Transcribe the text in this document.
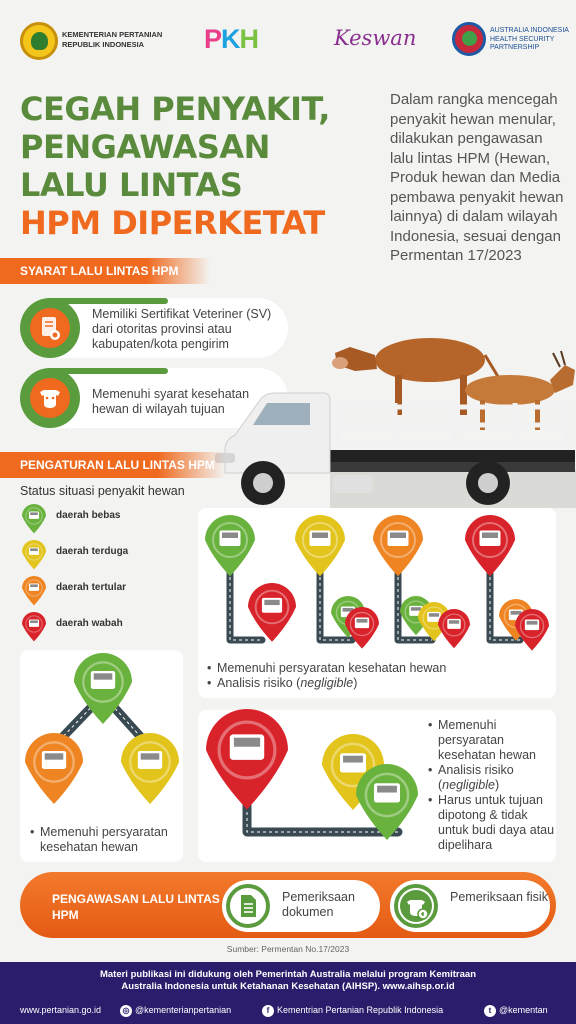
KEMENTERIAN PERTANIAN
REPUBLIK INDONESIA	PKH	Keswan	AUSTRALIA INDONESIA
HEALTH SECURITY
PARTNERSHIP
CEGAH PENYAKIT,
PENGAWASAN
LALU LINTAS
HPM DIPERKETAT
Dalam rangka mencegah penyakit hewan menular, dilakukan pengawasan lalu lintas HPM (Hewan, Produk hewan dan Media pembawa penyakit hewan lainnya) di dalam wilayah Indonesia, sesuai dengan Permentan 17/2023
SYARAT LALU LINTAS HPM
Memiliki Sertifikat Veteriner (SV) dari otoritas provinsi atau kabupaten/kota pengirim
Memenuhi syarat kesehatan hewan di wilayah tujuan
PENGATURAN LALU LINTAS HPM
Status situasi penyakit hewan
daerah bebas
daerah terduga
daerah tertular
daerah wabah
• Memenuhi persyaratan kesehatan hewan
• Analisis risiko (negligible)
• Memenuhi persyaratan kesehatan hewan
• Memenuhi persyaratan kesehatan hewan
• Analisis risiko (negligible)
• Harus untuk tujuan dipotong & tidak untuk budi daya atau dipelihara
PENGAWASAN LALU LINTAS HPM
Pemeriksaan dokumen
Pemeriksaan fisik
Sumber: Permentan No.17/2023
Materi publikasi ini didukung oleh Pemerintah Australia melalui program Kemitraan
Australia Indonesia untuk Ketahanan Kesehatan (AIHSP). www.aihsp.or.id
www.pertanian.go.id	◎ @kementerianpertanian	f Kementrian Pertanian Republik Indonesia	t @kementan
